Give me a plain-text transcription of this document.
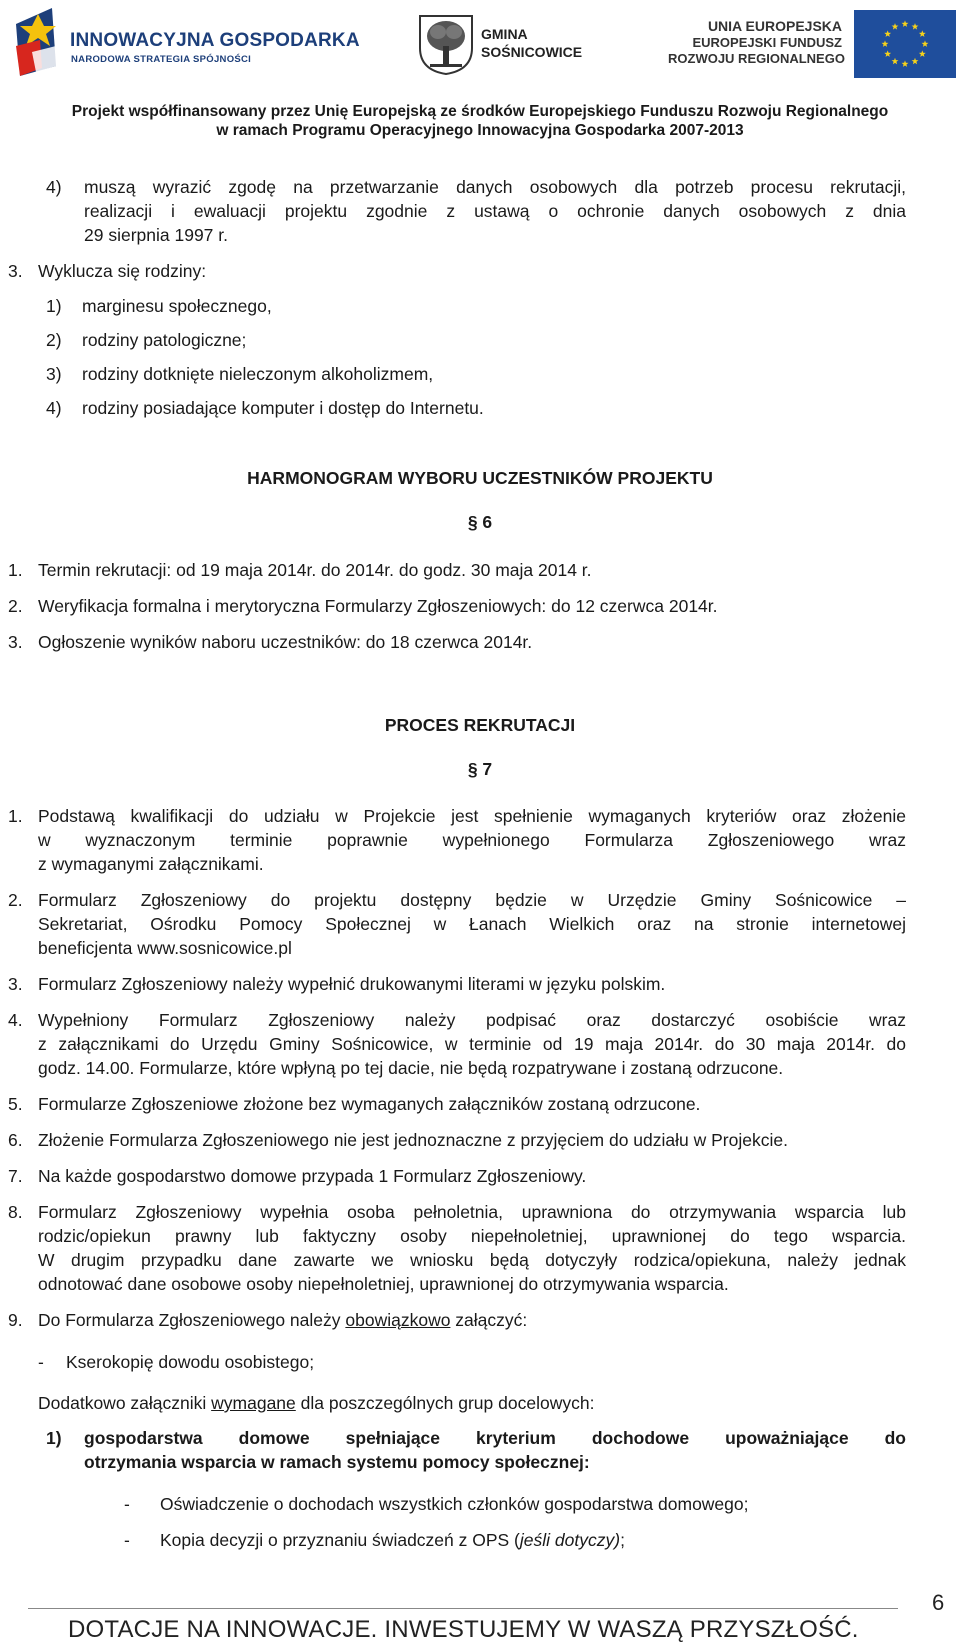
INNOWACYJNA GOSPODARKA
NARODOWA STRATEGIA SPÓJNOŚCI
GMINA
SOŚNICOWICE
UNIA EUROPEJSKA
EUROPEJSKI FUNDUSZ
ROZWOJU REGIONALNEGO
Projekt współfinansowany przez Unię Europejską ze środków Europejskiego Funduszu Rozwoju Regionalnego
w ramach Programu Operacyjnego Innowacyjna Gospodarka 2007-2013
4) muszą wyrazić zgodę na przetwarzanie danych osobowych dla potrzeb procesu rekrutacji,
realizacji i ewaluacji projektu zgodnie z ustawą o ochronie danych osobowych z dnia
29 sierpnia 1997 r.
3. Wyklucza się rodziny:
1) marginesu społecznego,
2) rodziny patologiczne;
3) rodziny dotknięte nieleczonym alkoholizmem,
4) rodziny posiadające komputer i dostęp do Internetu.
HARMONOGRAM WYBORU UCZESTNIKÓW PROJEKTU
§ 6
1. Termin rekrutacji: od 19 maja 2014r. do 2014r. do godz. 30 maja 2014 r.
2. Weryfikacja formalna i merytoryczna Formularzy Zgłoszeniowych: do 12 czerwca 2014r.
3. Ogłoszenie wyników naboru uczestników: do 18 czerwca 2014r.
PROCES REKRUTACJI
§ 7
1. Podstawą kwalifikacji do udziału w Projekcie jest spełnienie wymaganych kryteriów oraz złożenie
w wyznaczonym terminie poprawnie wypełnionego Formularza Zgłoszeniowego wraz
z wymaganymi załącznikami.
2. Formularz Zgłoszeniowy do projektu dostępny będzie w Urzędzie Gminy Sośnicowice –
Sekretariat, Ośrodku Pomocy Społecznej w Łanach Wielkich oraz na stronie internetowej
beneficjenta www.sosnicowice.pl
3. Formularz Zgłoszeniowy należy wypełnić drukowanymi literami w języku polskim.
4. Wypełniony Formularz Zgłoszeniowy należy podpisać oraz dostarczyć osobiście wraz
z załącznikami do Urzędu Gminy Sośnicowice, w terminie od 19 maja 2014r. do 30 maja 2014r. do
godz. 14.00. Formularze, które wpłyną po tej dacie, nie będą rozpatrywane i zostaną odrzucone.
5. Formularze Zgłoszeniowe złożone bez wymaganych załączników zostaną odrzucone.
6. Złożenie Formularza Zgłoszeniowego nie jest jednoznaczne z przyjęciem do udziału w Projekcie.
7. Na każde gospodarstwo domowe przypada 1 Formularz Zgłoszeniowy.
8. Formularz Zgłoszeniowy wypełnia osoba pełnoletnia, uprawniona do otrzymywania wsparcia lub
rodzic/opiekun prawny lub faktyczny osoby niepełnoletniej, uprawnionej do tego wsparcia.
W drugim przypadku dane zawarte we wniosku będą dotyczyły rodzica/opiekuna, należy jednak
odnotować dane osobowe osoby niepełnoletniej, uprawnionej do otrzymywania wsparcia.
9. Do Formularza Zgłoszeniowego należy obowiązkowo załączyć:
- Kserokopię dowodu osobistego;
Dodatkowo załączniki wymagane dla poszczególnych grup docelowych:
1) gospodarstwa domowe spełniające kryterium dochodowe upoważniające do
otrzymania wsparcia w ramach systemu pomocy społecznej:
- Oświadczenie o dochodach wszystkich członków gospodarstwa domowego;
- Kopia decyzji o przyznaniu świadczeń z OPS (jeśli dotyczy);
6
DOTACJE NA INNOWACJE. INWESTUJEMY W WASZĄ PRZYSZŁOŚĆ.
